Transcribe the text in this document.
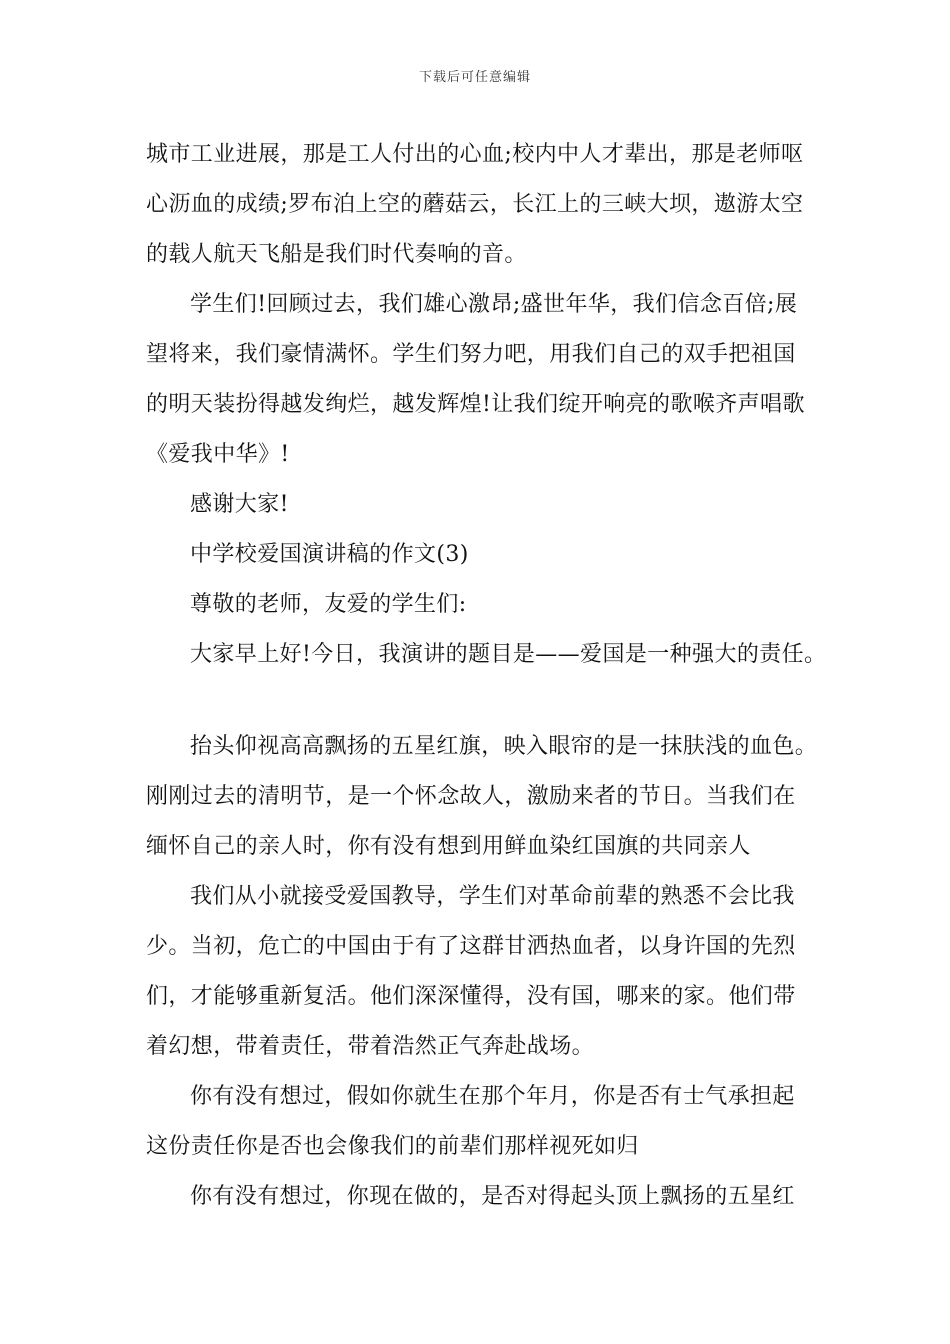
下载后可任意编辑
城市工业进展，那是工人付出的心血;校内中人才辈出，那是老师呕
心沥血的成绩;罗布泊上空的蘑菇云，长江上的三峡大坝，遨游太空
的载人航天飞船是我们时代奏响的音。
学生们!回顾过去，我们雄心激昂;盛世年华，我们信念百倍;展
望将来，我们豪情满怀。学生们努力吧，用我们自己的双手把祖国
的明天装扮得越发绚烂，越发辉煌!让我们绽开响亮的歌喉齐声唱歌
《爱我中华》!
感谢大家!
中学校爱国演讲稿的作文(3)
尊敬的老师，友爱的学生们:
大家早上好!今日，我演讲的题目是——爱国是一种强大的责任。
抬头仰视高高飘扬的五星红旗，映入眼帘的是一抹肤浅的血色。
刚刚过去的清明节，是一个怀念故人，激励来者的节日。当我们在
缅怀自己的亲人时，你有没有想到用鲜血染红国旗的共同亲人
我们从小就接受爱国教导，学生们对革命前辈的熟悉不会比我
少。当初，危亡的中国由于有了这群甘洒热血者，以身许国的先烈
们，才能够重新复活。他们深深懂得，没有国，哪来的家。他们带
着幻想，带着责任，带着浩然正气奔赴战场。
你有没有想过，假如你就生在那个年月，你是否有士气承担起
这份责任你是否也会像我们的前辈们那样视死如归
你有没有想过，你现在做的，是否对得起头顶上飘扬的五星红
